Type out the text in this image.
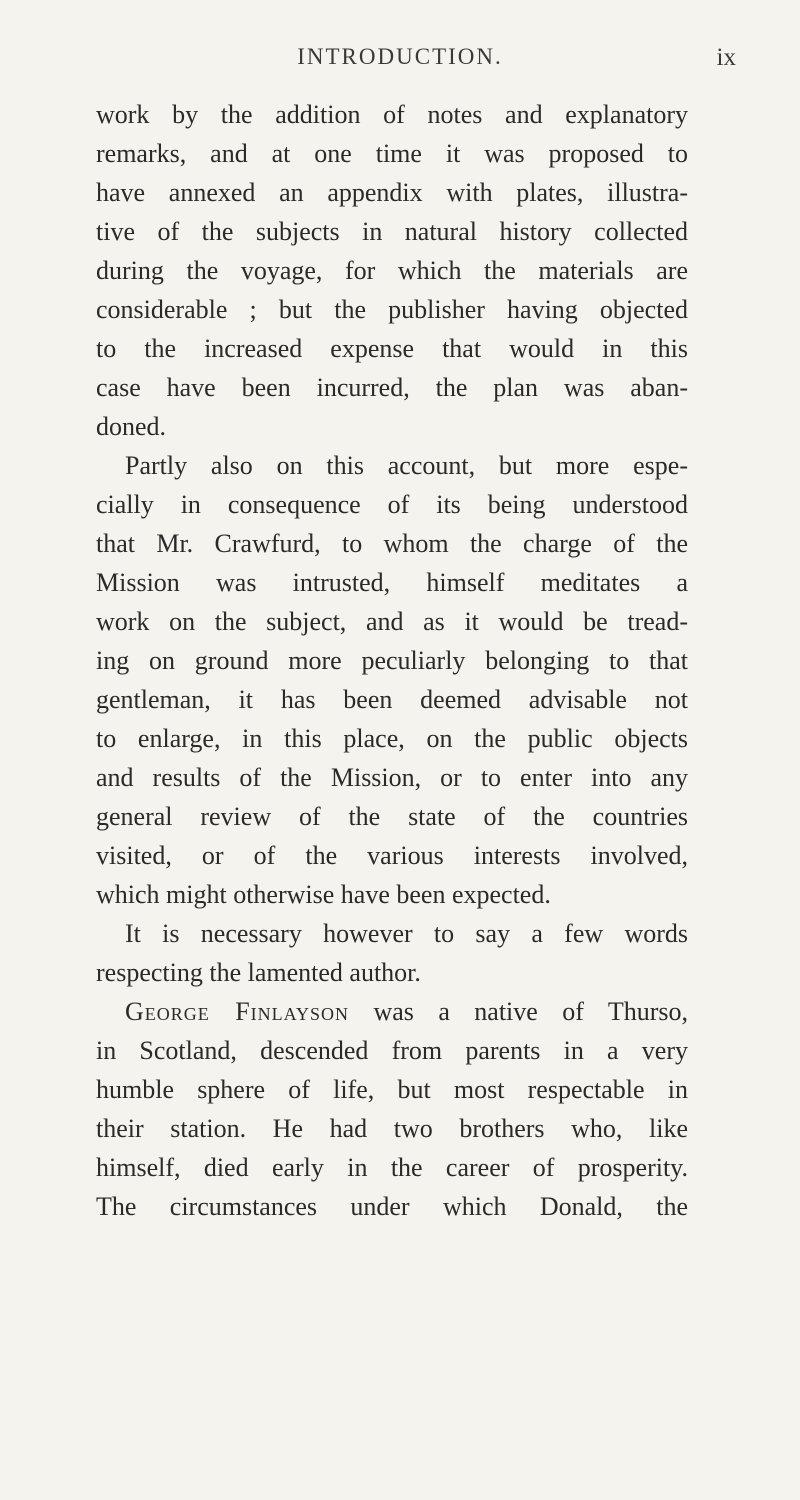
INTRODUCTION.	ix
work by the addition of notes and explanatory
remarks, and at one time it was proposed to
have annexed an appendix with plates, illustra-
tive of the subjects in natural history collected
during the voyage, for which the materials are
considerable ; but the publisher having objected
to the increased expense that would in this
case have been incurred, the plan was aban-
doned.
Partly also on this account, but more espe-
cially in consequence of its being understood
that Mr. Crawfurd, to whom the charge of the
Mission was intrusted, himself meditates a
work on the subject, and as it would be tread-
ing on ground more peculiarly belonging to that
gentleman, it has been deemed advisable not
to enlarge, in this place, on the public objects
and results of the Mission, or to enter into any
general review of the state of the countries
visited, or of the various interests involved,
which might otherwise have been expected.
It is necessary however to say a few words
respecting the lamented author.
George Finlayson was a native of Thurso,
in Scotland, descended from parents in a very
humble sphere of life, but most respectable in
their station. He had two brothers who, like
himself, died early in the career of prosperity.
The circumstances under which Donald, the
